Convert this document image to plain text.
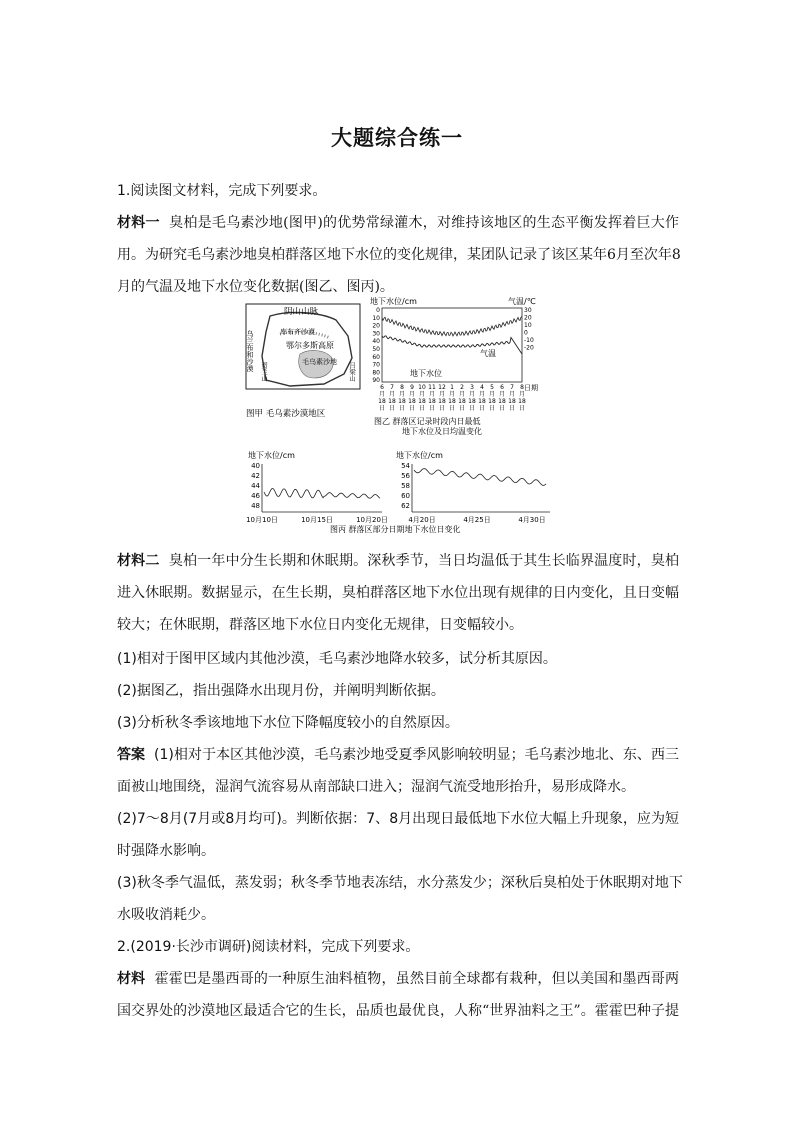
大题综合练一
1.阅读图文材料，完成下列要求。
材料一 臭柏是毛乌素沙地(图甲)的优势常绿灌木，对维持该地区的生态平衡发挥着巨大作
用。为研究毛乌素沙地臭柏群落区地下水位的变化规律，某团队记录了该区某年6月至次年8
月的气温及地下水位变化数据(图乙、图丙)。
阴山山脉
乌兰布和沙漠	库布齐沙漠
鄂尔多斯高原
毛乌素沙地
贺兰山	吕梁山
图甲 毛乌素沙漠地区
地下水位/cm	气温/℃
0
10
20
30
40
50
60
70
80
90
30
20
10
0
-10
-20
气温
地下水位
日期
6
月
18
日
7
月
18
日
8
月
18
日
9
月
18
日
10
月
18
日
11
月
18
日
12
月
18
日
1
月
18
日
2
月
18
日
3
月
18
日
4
月
18
日
5
月
18
日
6
月
18
日
7
月
18
日
8
月
18
日
图乙 群落区记录时段内日最低
地下水位及日均温变化
地下水位/cm
40
42
44
46
48
10月10日	10月15日	10月20日
地下水位/cm
54
56
58
60
62
4月20日	4月25日	4月30日
图丙 群落区部分日期地下水位日变化
材料二 臭柏一年中分生长期和休眠期。深秋季节，当日均温低于其生长临界温度时，臭柏
进入休眠期。数据显示，在生长期，臭柏群落区地下水位出现有规律的日内变化，且日变幅
较大；在休眠期，群落区地下水位日内变化无规律，日变幅较小。
(1)相对于图甲区域内其他沙漠，毛乌素沙地降水较多，试分析其原因。
(2)据图乙，指出强降水出现月份，并阐明判断依据。
(3)分析秋冬季该地地下水位下降幅度较小的自然原因。
答案 (1)相对于本区其他沙漠，毛乌素沙地受夏季风影响较明显；毛乌素沙地北、东、西三
面被山地围绕，湿润气流容易从南部缺口进入；湿润气流受地形抬升，易形成降水。
(2)7～8月(7月或8月均可)。判断依据：7、8月出现日最低地下水位大幅上升现象，应为短
时强降水影响。
(3)秋冬季气温低，蒸发弱；秋冬季节地表冻结，水分蒸发少；深秋后臭柏处于休眠期对地下
水吸收消耗少。
2.(2019·长沙市调研)阅读材料，完成下列要求。
材料 霍霍巴是墨西哥的一种原生油料植物，虽然目前全球都有栽种，但以美国和墨西哥两
国交界处的沙漠地区最适合它的生长，品质也最优良，人称“世界油料之王”。霍霍巴种子提
